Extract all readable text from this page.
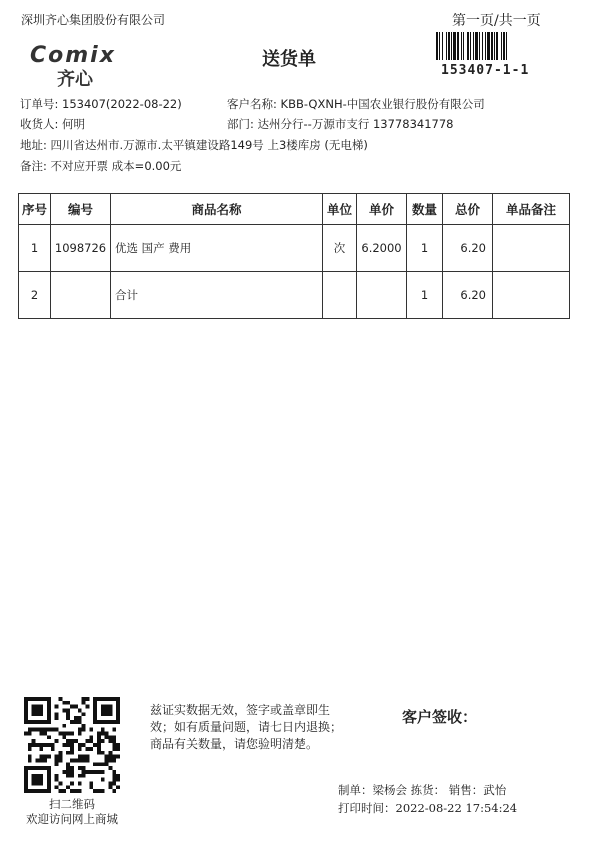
深圳齐心集团股份有限公司	第一页/共一页
153407-1-1
Comix
齐心
送货单
订单号: 153407(2022-08-22)	客户名称: KBB-QXNH-中国农业银行股份有限公司
收货人: 何明	部门: 达州分行--万源市支行 13778341778
地址: 四川省达州市.万源市.太平镇建设路149号 上3楼库房 (无电梯)
备注: 不对应开票 成本=0.00元
序号	编号	商品名称	单位	单价	数量	总价	单品备注
1	1098726	优选 国产 费用	次	6.2000	1	6.20	
2		合计			1	6.20	
扫二维码
欢迎访问网上商城
兹证实数据无效，签字或盖章即生
效；如有质量问题，请七日内退换；
商品有关数量，请您验明清楚。
客户签收：
制单：梁杨会 拣货： 销售：武怡
打印时间：2022-08-22 17:54:24
